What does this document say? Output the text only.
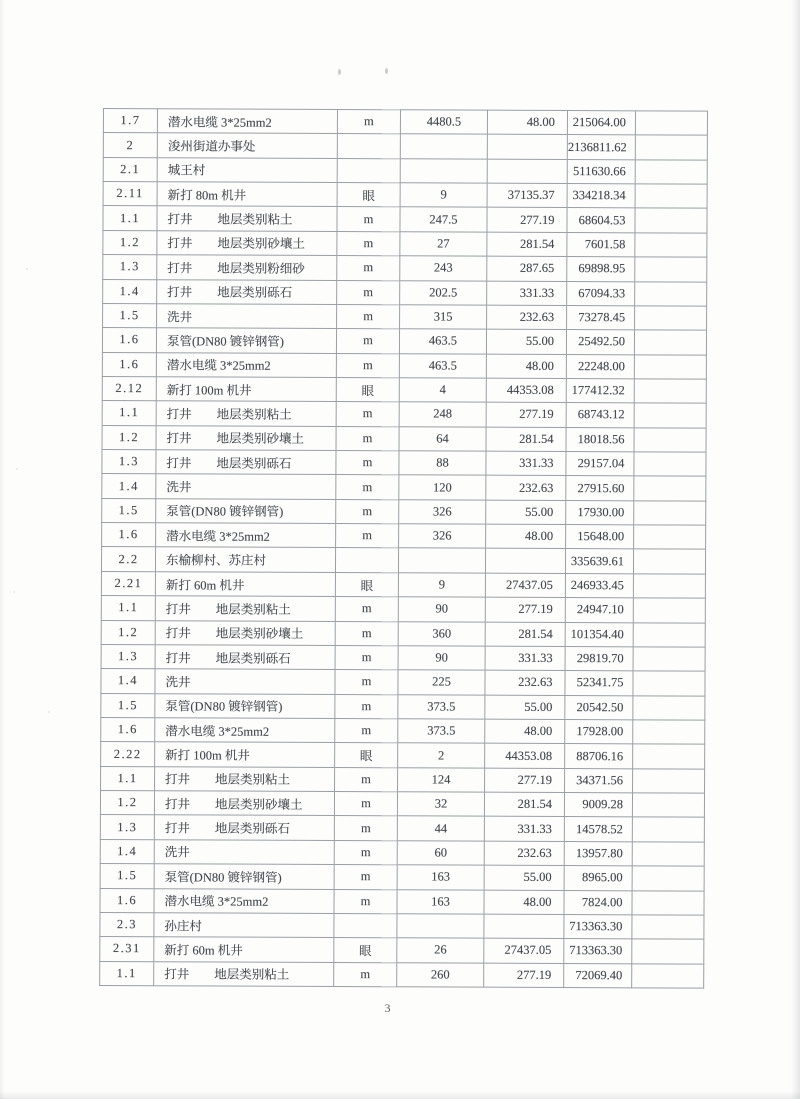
1.7	潜水电缆 3*25mm2	m	4480.5	48.00	215064.00	
2	浚州街道办事处				2136811.62	
2.1	城王村				511630.66	
2.11	新打 80m 机井	眼	9	37135.37	334218.34	
1.1	打井　　地层类别粘土	m	247.5	277.19	68604.53	
1.2	打井　　地层类别砂壤土	m	27	281.54	7601.58	
1.3	打井　　地层类别粉细砂	m	243	287.65	69898.95	
1.4	打井　　地层类别砾石	m	202.5	331.33	67094.33	
1.5	洗井	m	315	232.63	73278.45	
1.6	泵管(DN80 镀锌钢管)	m	463.5	55.00	25492.50	
1.6	潜水电缆 3*25mm2	m	463.5	48.00	22248.00	
2.12	新打 100m 机井	眼	4	44353.08	177412.32	
1.1	打井　　地层类别粘土	m	248	277.19	68743.12	
1.2	打井　　地层类别砂壤土	m	64	281.54	18018.56	
1.3	打井　　地层类别砾石	m	88	331.33	29157.04	
1.4	洗井	m	120	232.63	27915.60	
1.5	泵管(DN80 镀锌钢管)	m	326	55.00	17930.00	
1.6	潜水电缆 3*25mm2	m	326	48.00	15648.00	
2.2	东榆柳村、苏庄村				335639.61	
2.21	新打 60m 机井	眼	9	27437.05	246933.45	
1.1	打井　　地层类别粘土	m	90	277.19	24947.10	
1.2	打井　　地层类别砂壤土	m	360	281.54	101354.40	
1.3	打井　　地层类别砾石	m	90	331.33	29819.70	
1.4	洗井	m	225	232.63	52341.75	
1.5	泵管(DN80 镀锌钢管)	m	373.5	55.00	20542.50	
1.6	潜水电缆 3*25mm2	m	373.5	48.00	17928.00	
2.22	新打 100m 机井	眼	2	44353.08	88706.16	
1.1	打井　　地层类别粘土	m	124	277.19	34371.56	
1.2	打井　　地层类别砂壤土	m	32	281.54	9009.28	
1.3	打井　　地层类别砾石	m	44	331.33	14578.52	
1.4	洗井	m	60	232.63	13957.80	
1.5	泵管(DN80 镀锌钢管)	m	163	55.00	8965.00	
1.6	潜水电缆 3*25mm2	m	163	48.00	7824.00	
2.3	孙庄村				713363.30	
2.31	新打 60m 机井	眼	26	27437.05	713363.30	
1.1	打井　　地层类别粘土	m	260	277.19	72069.40	
3
